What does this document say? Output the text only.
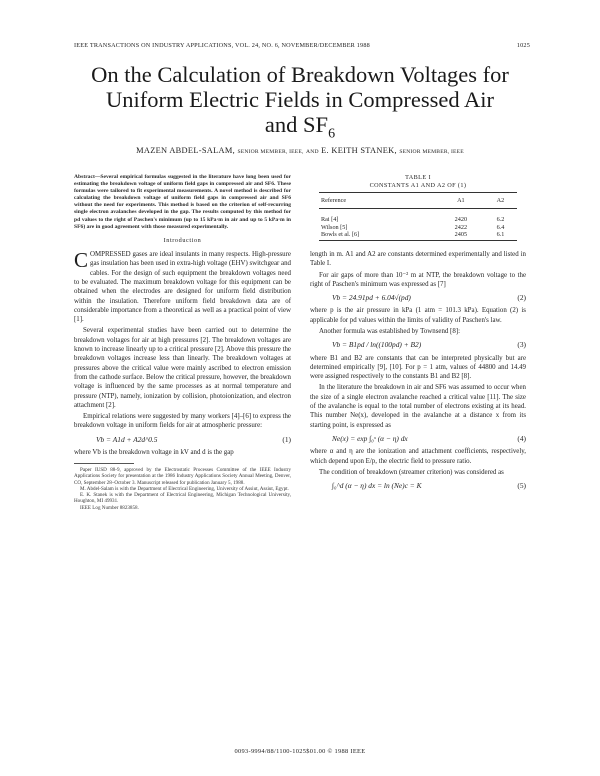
IEEE TRANSACTIONS ON INDUSTRY APPLICATIONS, VOL. 24, NO. 6, NOVEMBER/DECEMBER 1988	1025
On the Calculation of Breakdown Voltages for
Uniform Electric Fields in Compressed Air
and $SF_6$
MAZEN ABDEL-SALAM, SENIOR MEMBER, IEEE, AND E. KEITH STANEK, SENIOR MEMBER, IEEE
Abstract—Several empirical formulas suggested in the literature have long been used for estimating the breakdown voltage of uniform field gaps in compressed air and SF6. These formulas were tailored to fit experimental measurements. A novel method is described for calculating the breakdown voltage of uniform field gaps in compressed air and SF6 without the need for experiments. This method is based on the criterion of self-recurring single electron avalanches developed in the gap. The results computed by this method for pd values to the right of Paschen's minimum (up to 15 kPa·m in air and up to 5 kPa·m in SF6) are in good agreement with those measured experimentally.
Introduction

COMPRESSED gases are ideal insulants in many respects. High-pressure gas insulation has been used in extra-high voltage (EHV) switchgear and cables. For the design of such equipment the breakdown voltages need to be evaluated. The maximum breakdown voltage for this equipment can be obtained when the electrodes are designed for uniform field distribution within the insulation. Therefore uniform field breakdown data are of considerable importance from a theoretical as well as a practical point of view [1].

Several experimental studies have been carried out to determine the breakdown voltages for air at high pressures [2]. The breakdown voltages are known to increase linearly up to a critical pressure [2]. Above this pressure the breakdown voltages increase less than linearly. The breakdown voltages at pressures above the critical value were mainly ascribed to electron emission from the cathode surface. Below the critical pressure, however, the breakdown voltage is influenced by the same processes as at normal temperature and pressure (NTP), namely, ionization by collision, photoionization, and electron attachment [2].

Empirical relations were suggested by many workers [4]–[6] to express the breakdown voltage in uniform fields for air at atmospheric pressure:

Vb = A1d + A2d^0.5	(1)

where Vb is the breakdown voltage in kV and d is the gap

Paper IUSD 88-9, approved by the Electrostatic Processes Committee of the IEEE Industry Applications Society for presentation at the 1986 Industry Applications Society Annual Meeting, Denver, CO, September 28–October 3. Manuscript released for publication January 5, 1988.

M. Abdel-Salam is with the Department of Electrical Engineering, University of Assiut, Assiut, Egypt.

E. K. Stanek is with the Department of Electrical Engineering, Michigan Technological University, Houghton, MI 49931.

IEEE Log Number 8823858.

TABLE I
CONSTANTS A1 AND A2 OF (1)
Reference	A1	A2
Rai [4]	2420	6.2
Wilson [5]	2422	6.4
Bowls et al. [6]	2405	6.1

length in m. A1 and A2 are constants determined experimentally and listed in Table I.

For air gaps of more than 10⁻² m at NTP, the breakdown voltage to the right of Paschen's minimum was expressed as [7]

Vb = 24.91pd + 6.04√(pd)	(2)

where p is the air pressure in kPa (1 atm = 101.3 kPa). Equation (2) is applicable for pd values within the limits of validity of Paschen's law.

Another formula was established by Townsend [8]:

Vb = B1pd / ln((100pd) + B2)	(3)

where B1 and B2 are constants that can be interpreted physically but are determined empirically [9], [10]. For p = 1 atm, values of 44800 and 14.49 were assigned respectively to the constants B1 and B2 [8].

In the literature the breakdown in air and SF6 was assumed to occur when the size of a single electron avalanche reached a critical value [11]. The size of the avalanche is equal to the total number of electrons existing at its head. This number Ne(x), developed in the avalanche at a distance x from its starting point, is expressed as

Ne(x) = exp ∫₀ˣ (α − η) dx	(4)

where α and η are the ionization and attachment coefficients, respectively, which depend upon E/p, the electric field to pressure ratio.

The condition of breakdown (streamer criterion) was considered as

∫₀^d (α − η) dx = ln (Ne)c = K	(5)
0093-9994/88/1100-1025$01.00 © 1988 IEEE
